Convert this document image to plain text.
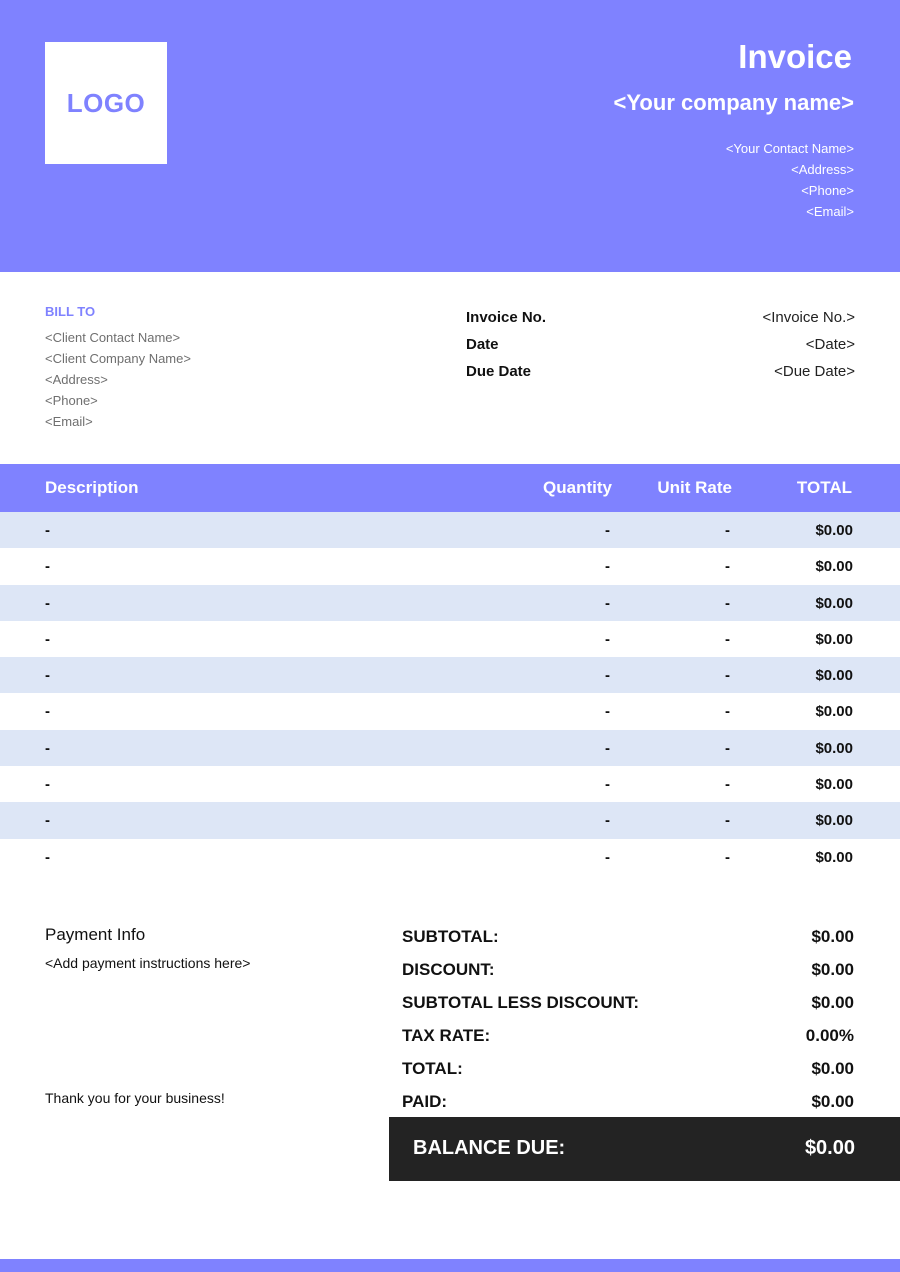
LOGO
Invoice
<Your company name>
<Your Contact Name>
<Address>
<Phone>
<Email>
BILL TO
<Client Contact Name>
<Client Company Name>
<Address>
<Phone>
<Email>
Invoice No.	<Invoice No.>
Date	<Date>
Due Date	<Due Date>
Description	Quantity	Unit Rate	TOTAL
-	-	-	$0.00
-	-	-	$0.00
-	-	-	$0.00
-	-	-	$0.00
-	-	-	$0.00
-	-	-	$0.00
-	-	-	$0.00
-	-	-	$0.00
-	-	-	$0.00
-	-	-	$0.00
Payment Info
<Add payment instructions here>
Thank you for your business!
SUBTOTAL:	$0.00
DISCOUNT:	$0.00
SUBTOTAL LESS DISCOUNT:	$0.00
TAX RATE:	0.00%
TOTAL:	$0.00
PAID:	$0.00
BALANCE DUE:	$0.00
